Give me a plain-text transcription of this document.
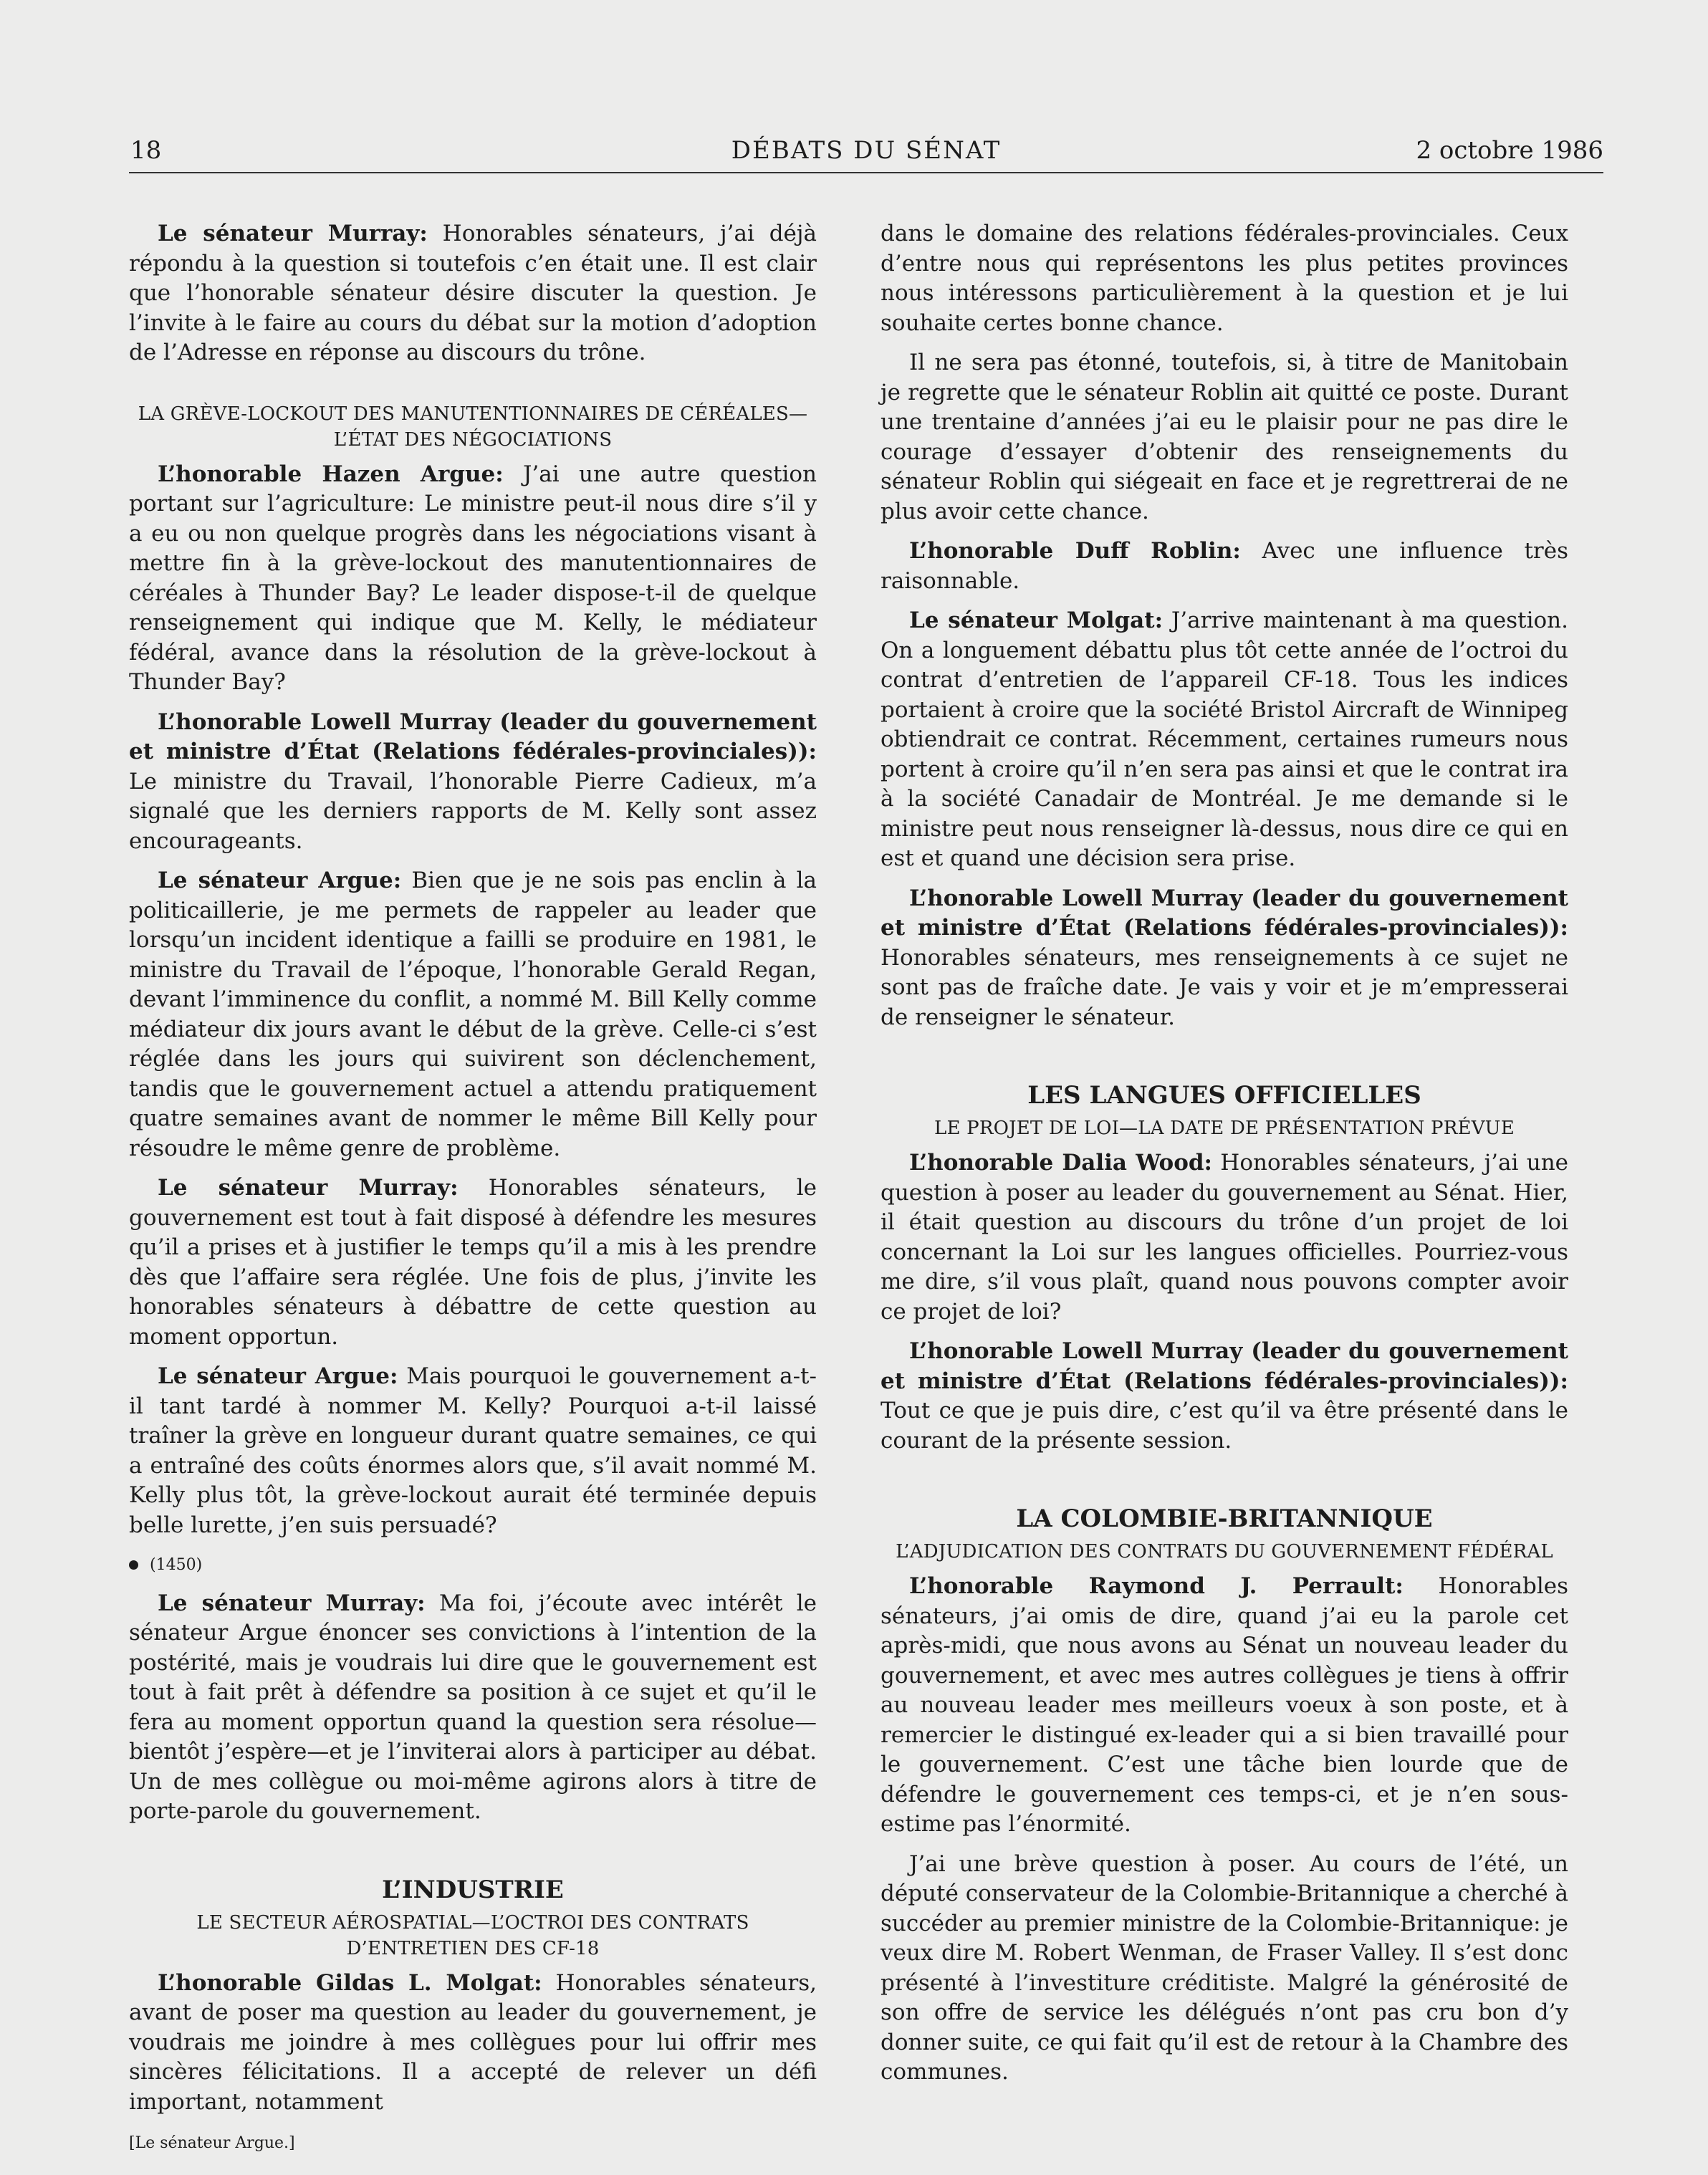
18	DÉBATS DU SÉNAT	2 octobre 1986

Le sénateur Murray: Honorables sénateurs, j’ai déjà répondu à la question si toutefois c’en était une. Il est clair que l’honorable sénateur désire discuter la question. Je l’invite à le faire au cours du débat sur la motion d’adoption de l’Adresse en réponse au discours du trône.

LA GRÈVE-LOCKOUT DES MANUTENTIONNAIRES DE CÉRÉALES—L’ÉTAT DES NÉGOCIATIONS

L’honorable Hazen Argue: J’ai une autre question portant sur l’agriculture: Le ministre peut-il nous dire s’il y a eu ou non quelque progrès dans les négociations visant à mettre fin à la grève-lockout des manutentionnaires de céréales à Thunder Bay? Le leader dispose-t-il de quelque renseignement qui indique que M. Kelly, le médiateur fédéral, avance dans la résolution de la grève-lockout à Thunder Bay?

L’honorable Lowell Murray (leader du gouvernement et ministre d’État (Relations fédérales-provinciales)): Le ministre du Travail, l’honorable Pierre Cadieux, m’a signalé que les derniers rapports de M. Kelly sont assez encourageants.

Le sénateur Argue: Bien que je ne sois pas enclin à la politicaillerie, je me permets de rappeler au leader que lorsqu’un incident identique a failli se produire en 1981, le ministre du Travail de l’époque, l’honorable Gerald Regan, devant l’imminence du conflit, a nommé M. Bill Kelly comme médiateur dix jours avant le début de la grève. Celle-ci s’est réglée dans les jours qui suivirent son déclenchement, tandis que le gouvernement actuel a attendu pratiquement quatre semaines avant de nommer le même Bill Kelly pour résoudre le même genre de problème.

Le sénateur Murray: Honorables sénateurs, le gouvernement est tout à fait disposé à défendre les mesures qu’il a prises et à justifier le temps qu’il a mis à les prendre dès que l’affaire sera réglée. Une fois de plus, j’invite les honorables sénateurs à débattre de cette question au moment opportun.

Le sénateur Argue: Mais pourquoi le gouvernement a-t-il tant tardé à nommer M. Kelly? Pourquoi a-t-il laissé traîner la grève en longueur durant quatre semaines, ce qui a entraîné des coûts énormes alors que, s’il avait nommé M. Kelly plus tôt, la grève-lockout aurait été terminée depuis belle lurette, j’en suis persuadé?

(1450)

Le sénateur Murray: Ma foi, j’écoute avec intérêt le sénateur Argue énoncer ses convictions à l’intention de la postérité, mais je voudrais lui dire que le gouvernement est tout à fait prêt à défendre sa position à ce sujet et qu’il le fera au moment opportun quand la question sera résolue—bientôt j’espère—et je l’inviterai alors à participer au débat. Un de mes collègue ou moi-même agirons alors à titre de porte-parole du gouvernement.

L’INDUSTRIE
LE SECTEUR AÉROSPATIAL—L’OCTROI DES CONTRATS D’ENTRETIEN DES CF-18

L’honorable Gildas L. Molgat: Honorables sénateurs, avant de poser ma question au leader du gouvernement, je voudrais me joindre à mes collègues pour lui offrir mes sincères félicitations. Il a accepté de relever un défi important, notamment

[Le sénateur Argue.]

dans le domaine des relations fédérales-provinciales. Ceux d’entre nous qui représentons les plus petites provinces nous intéressons particulièrement à la question et je lui souhaite certes bonne chance.

Il ne sera pas étonné, toutefois, si, à titre de Manitobain je regrette que le sénateur Roblin ait quitté ce poste. Durant une trentaine d’années j’ai eu le plaisir pour ne pas dire le courage d’essayer d’obtenir des renseignements du sénateur Roblin qui siégeait en face et je regrettrerai de ne plus avoir cette chance.

L’honorable Duff Roblin: Avec une influence très raisonnable.

Le sénateur Molgat: J’arrive maintenant à ma question. On a longuement débattu plus tôt cette année de l’octroi du contrat d’entretien de l’appareil CF-18. Tous les indices portaient à croire que la société Bristol Aircraft de Winnipeg obtiendrait ce contrat. Récemment, certaines rumeurs nous portent à croire qu’il n’en sera pas ainsi et que le contrat ira à la société Canadair de Montréal. Je me demande si le ministre peut nous renseigner là-dessus, nous dire ce qui en est et quand une décision sera prise.

L’honorable Lowell Murray (leader du gouvernement et ministre d’État (Relations fédérales-provinciales)): Honorables sénateurs, mes renseignements à ce sujet ne sont pas de fraîche date. Je vais y voir et je m’empresserai de renseigner le sénateur.

LES LANGUES OFFICIELLES
LE PROJET DE LOI—LA DATE DE PRÉSENTATION PRÉVUE

L’honorable Dalia Wood: Honorables sénateurs, j’ai une question à poser au leader du gouvernement au Sénat. Hier, il était question au discours du trône d’un projet de loi concernant la Loi sur les langues officielles. Pourriez-vous me dire, s’il vous plaît, quand nous pouvons compter avoir ce projet de loi?

L’honorable Lowell Murray (leader du gouvernement et ministre d’État (Relations fédérales-provinciales)): Tout ce que je puis dire, c’est qu’il va être présenté dans le courant de la présente session.

LA COLOMBIE-BRITANNIQUE
L’ADJUDICATION DES CONTRATS DU GOUVERNEMENT FÉDÉRAL

L’honorable Raymond J. Perrault: Honorables sénateurs, j’ai omis de dire, quand j’ai eu la parole cet après-midi, que nous avons au Sénat un nouveau leader du gouvernement, et avec mes autres collègues je tiens à offrir au nouveau leader mes meilleurs voeux à son poste, et à remercier le distingué ex-leader qui a si bien travaillé pour le gouvernement. C’est une tâche bien lourde que de défendre le gouvernement ces temps-ci, et je n’en sous-estime pas l’énormité.

J’ai une brève question à poser. Au cours de l’été, un député conservateur de la Colombie-Britannique a cherché à succéder au premier ministre de la Colombie-Britannique: je veux dire M. Robert Wenman, de Fraser Valley. Il s’est donc présenté à l’investiture créditiste. Malgré la générosité de son offre de service les délégués n’ont pas cru bon d’y donner suite, ce qui fait qu’il est de retour à la Chambre des communes.
